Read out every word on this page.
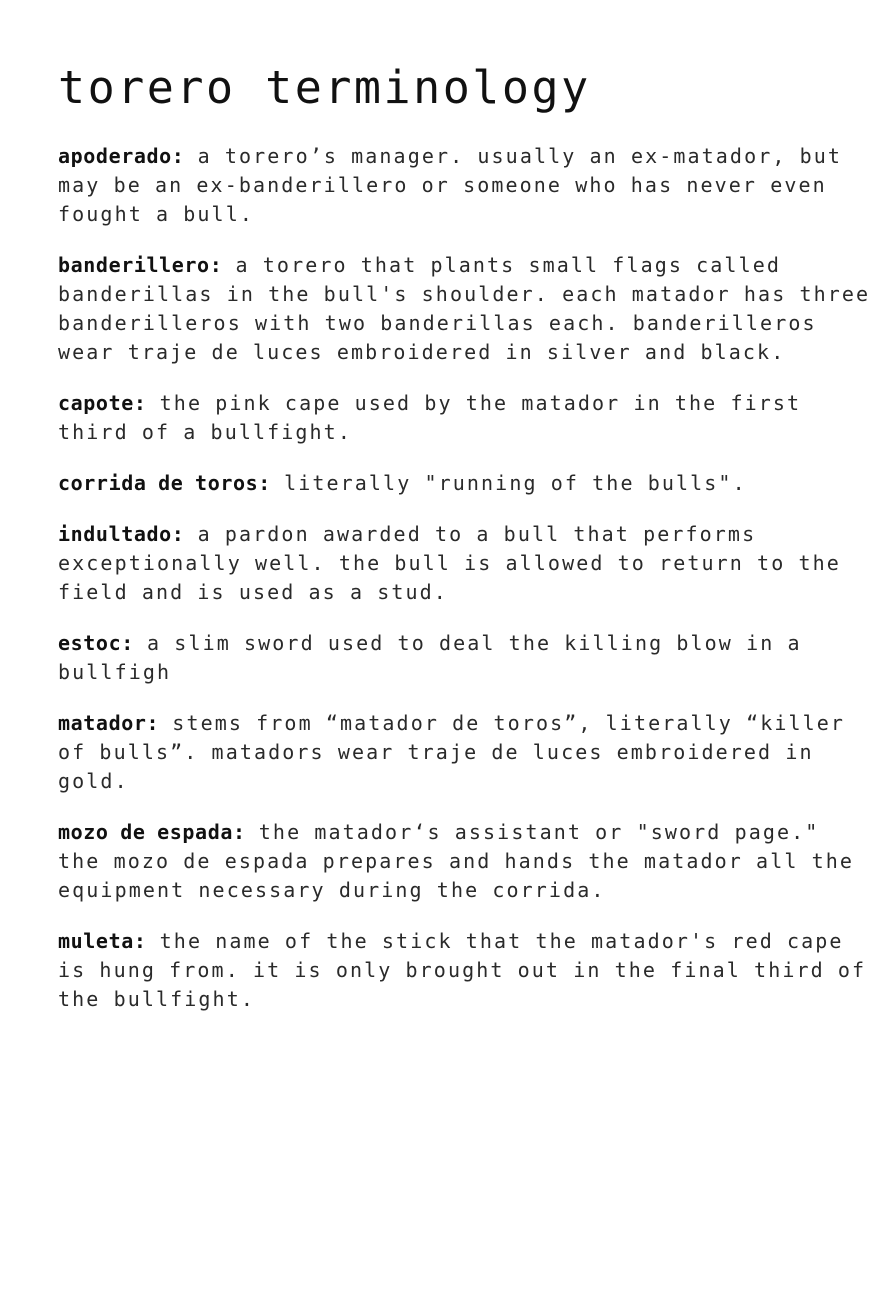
torero terminology
apoderado: a torero’s manager. usually an ex-matador, but may be an ex-banderillero or someone who has never even fought a bull.
banderillero: a torero that plants small flags called banderillas in the bull's shoulder. each matador has three banderilleros with two banderillas each. banderilleros wear traje de luces embroidered in silver and black.
capote: the pink cape used by the matador in the first third of a bullfight.
corrida de toros: literally "running of the bulls".
indultado: a pardon awarded to a bull that performs exceptionally well. the bull is allowed to return to the field and is used as a stud.
estoc: a slim sword used to deal the killing blow in a bullfigh
matador: stems from “matador de toros”, literally “killer of bulls”. matadors wear traje de luces embroidered in gold.
mozo de espada: the matador‘s assistant or "sword page." the mozo de espada prepares and hands the matador all the equipment necessary during the corrida.
muleta: the name of the stick that the matador's red cape is hung from. it is only brought out in the final third of the bullfight.
